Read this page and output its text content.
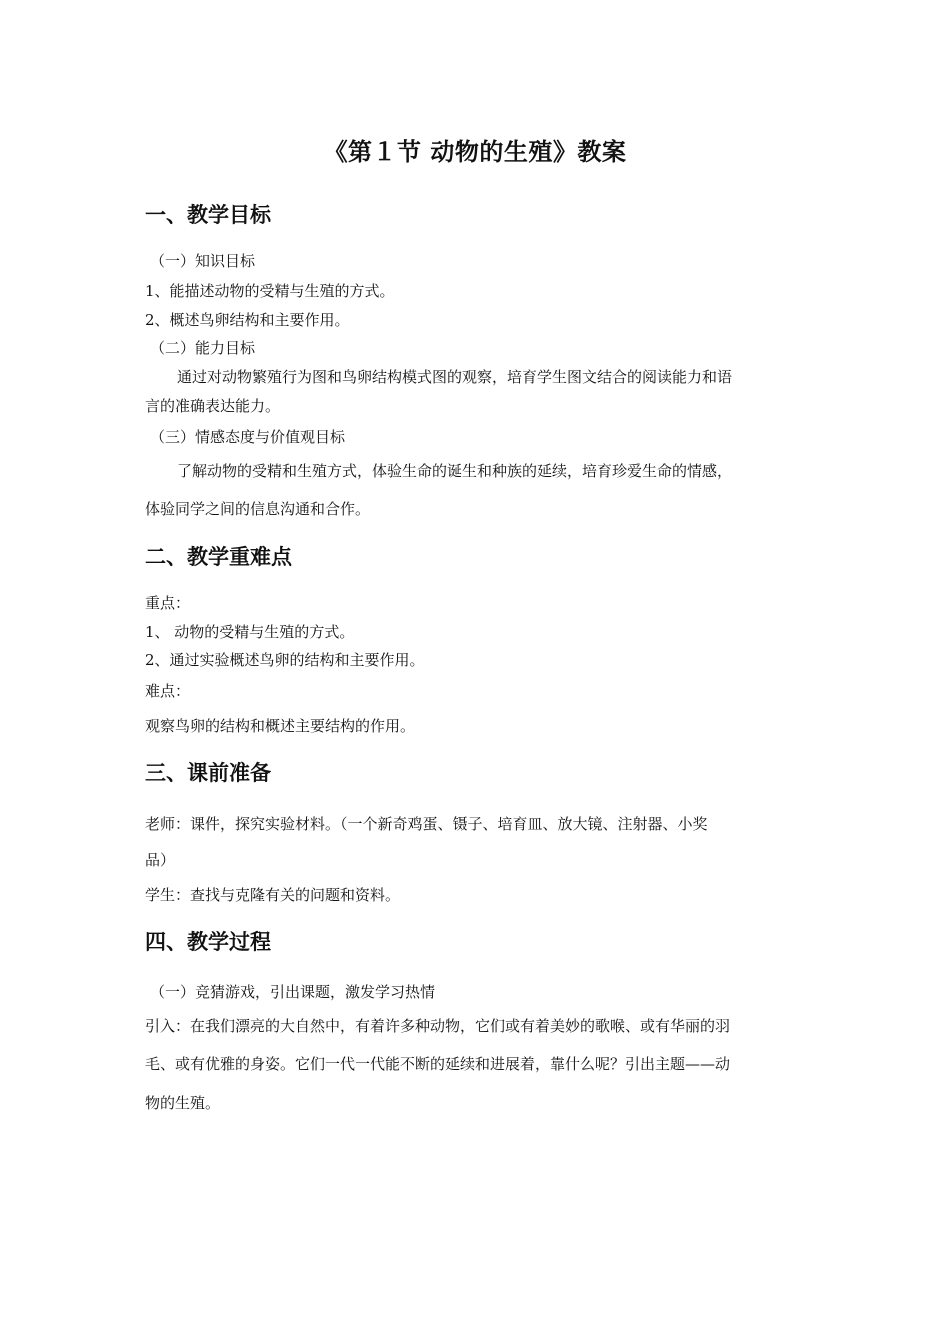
《第１节 动物的生殖》教案
一、教学目标

（一）知识目标

1、能描述动物的受精与生殖的方式。

2、概述鸟卵结构和主要作用。

（二）能力目标

通过对动物繁殖行为图和鸟卵结构模式图的观察，培育学生图文结合的阅读能力和语

言的准确表达能力。

（三）情感态度与价值观目标

了解动物的受精和生殖方式，体验生命的诞生和种族的延续，培育珍爱生命的情感，

体验同学之间的信息沟通和合作。

二、教学重难点

重点：

1、 动物的受精与生殖的方式。

2、通过实验概述鸟卵的结构和主要作用。

难点：

观察鸟卵的结构和概述主要结构的作用。

三、课前准备

老师：课件，探究实验材料。（一个新奇鸡蛋、镊子、培育皿、放大镜、注射器、小奖

品）

学生：查找与克隆有关的问题和资料。

四、教学过程

（一）竞猜游戏，引出课题，激发学习热情

引入：在我们漂亮的大自然中，有着许多种动物，它们或有着美妙的歌喉、或有华丽的羽

毛、或有优雅的身姿。它们一代一代能不断的延续和进展着，靠什么呢？引出主题——动

物的生殖。
